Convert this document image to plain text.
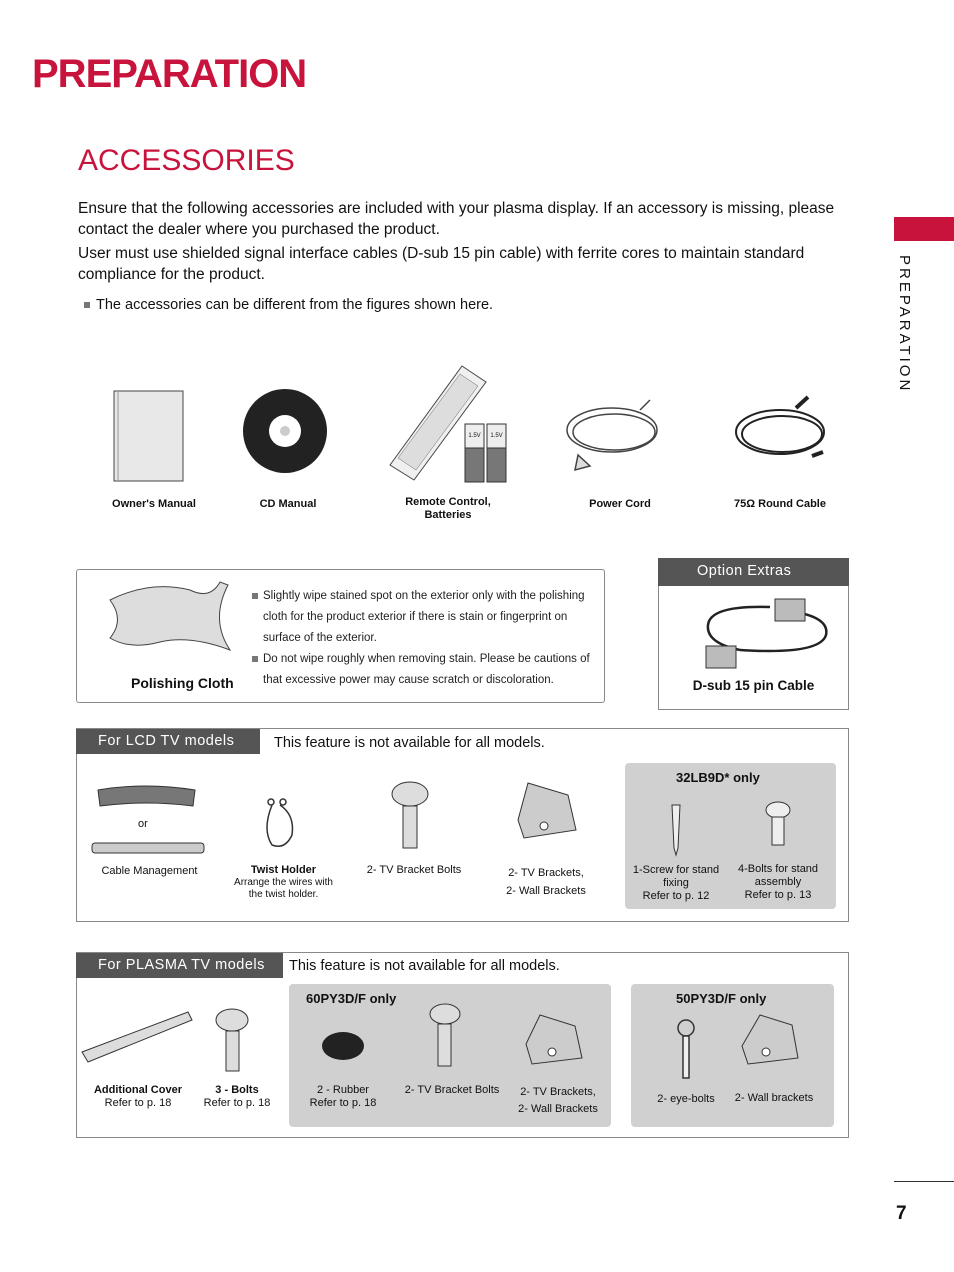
PREPARATION
ACCESSORIES
Ensure that the following accessories are included with your plasma display. If an accessory is missing, please contact the dealer where you purchased the product.
User must use shielded signal interface cables (D-sub 15 pin cable) with ferrite cores to maintain standard compliance for the product.
The accessories can be different from the figures shown here.	PREPARATION
1.5V	1.5V
Owner's Manual	CD Manual	Remote Control,
Batteries
Power Cord	75Ω Round Cable
Polishing Cloth
Slightly wipe stained spot on the exterior only with the polishing
cloth for the product exterior if there is stain or fingerprint on
surface of the exterior.
Do not wipe roughly when removing stain. Please be cautions of
that excessive power may cause scratch or discoloration.
Option Extras
D-sub 15 pin Cable
For LCD TV models	This feature is not available for all models.
32LB9D* only
or
Cable Management	Twist Holder
Arrange the wires with
the twist holder.
2- TV Bracket Bolts	2- TV Brackets,
2- Wall Brackets
1-Screw for stand
fixing
Refer to p. 12
4-Bolts for stand
assembly
Refer to p. 13
For PLASMA TV models	This feature is not available for all models.
60PY3D/F only	50PY3D/F only
Additional Cover
Refer to p. 18
3 - Bolts
Refer to p. 18
2 - Rubber
Refer to p. 18
2- TV Bracket Bolts	2- TV Brackets,
2- Wall Brackets
2- eye-bolts	2- Wall brackets
7
